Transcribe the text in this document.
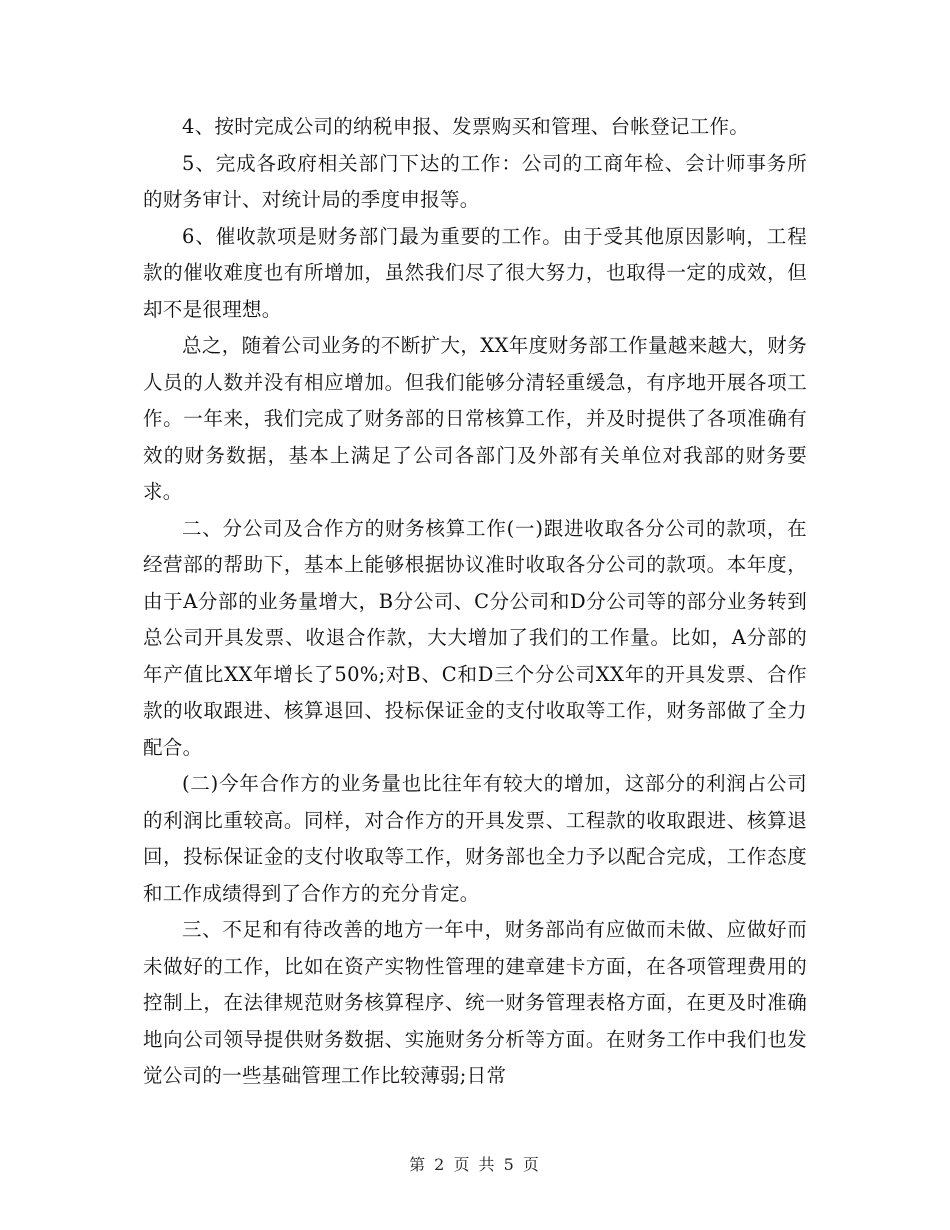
4、按时完成公司的纳税申报、发票购买和管理、台帐登记工作。

5、完成各政府相关部门下达的工作：公司的工商年检、会计师事务所的财务审计、对统计局的季度申报等。

6、催收款项是财务部门最为重要的工作。由于受其他原因影响，工程款的催收难度也有所增加，虽然我们尽了很大努力，也取得一定的成效，但却不是很理想。

总之，随着公司业务的不断扩大，XX年度财务部工作量越来越大，财务人员的人数并没有相应增加。但我们能够分清轻重缓急，有序地开展各项工作。一年来，我们完成了财务部的日常核算工作，并及时提供了各项准确有效的财务数据，基本上满足了公司各部门及外部有关单位对我部的财务要求。

二、分公司及合作方的财务核算工作(一)跟进收取各分公司的款项，在经营部的帮助下，基本上能够根据协议准时收取各分公司的款项。本年度，由于A分部的业务量增大，B分公司、C分公司和D分公司等的部分业务转到总公司开具发票、收退合作款，大大增加了我们的工作量。比如，A分部的年产值比XX年增长了50%;对B、C和D三个分公司XX年的开具发票、合作款的收取跟进、核算退回、投标保证金的支付收取等工作，财务部做了全力配合。

(二)今年合作方的业务量也比往年有较大的增加，这部分的利润占公司的利润比重较高。同样，对合作方的开具发票、工程款的收取跟进、核算退回，投标保证金的支付收取等工作，财务部也全力予以配合完成，工作态度和工作成绩得到了合作方的充分肯定。

三、不足和有待改善的地方一年中，财务部尚有应做而未做、应做好而未做好的工作，比如在资产实物性管理的建章建卡方面，在各项管理费用的控制上，在法律规范财务核算程序、统一财务管理表格方面，在更及时准确地向公司领导提供财务数据、实施财务分析等方面。在财务工作中我们也发觉公司的一些基础管理工作比较薄弱;日常

第 2 页 共 5 页
